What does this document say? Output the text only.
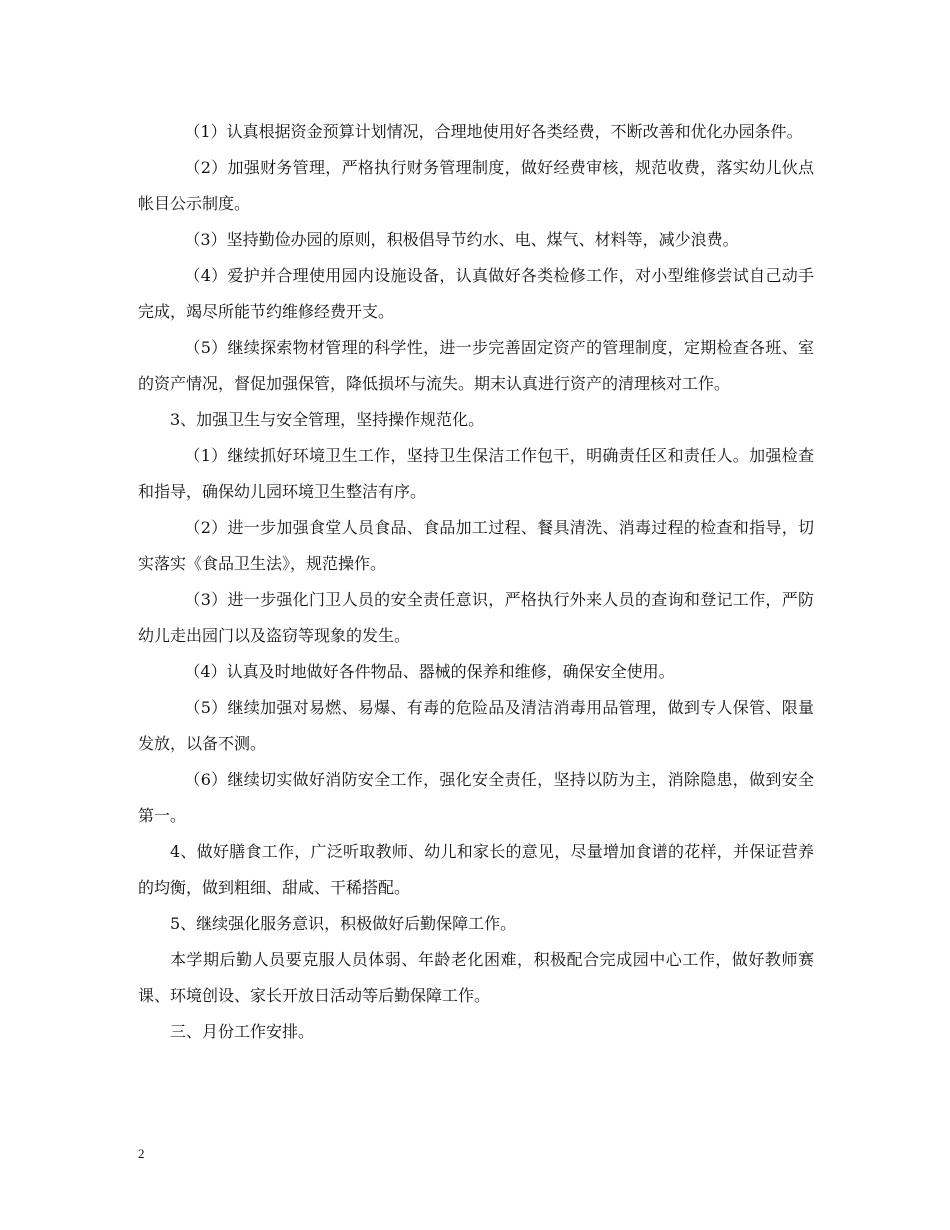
（1）认真根据资金预算计划情况，合理地使用好各类经费，不断改善和优化办园条件。

（2）加强财务管理，严格执行财务管理制度，做好经费审核，规范收费，落实幼儿伙点帐目公示制度。

（3）坚持勤俭办园的原则，积极倡导节约水、电、煤气、材料等，减少浪费。

（4）爱护并合理使用园内设施设备，认真做好各类检修工作，对小型维修尝试自己动手完成，竭尽所能节约维修经费开支。

（5）继续探索物材管理的科学性，进一步完善固定资产的管理制度，定期检查各班、室的资产情况，督促加强保管，降低损坏与流失。期末认真进行资产的清理核对工作。

3、加强卫生与安全管理，坚持操作规范化。

（1）继续抓好环境卫生工作，坚持卫生保洁工作包干，明确责任区和责任人。加强检查和指导，确保幼儿园环境卫生整洁有序。

（2）进一步加强食堂人员食品、食品加工过程、餐具清洗、消毒过程的检查和指导，切实落实《食品卫生法》，规范操作。

（3）进一步强化门卫人员的安全责任意识，严格执行外来人员的查询和登记工作，严防幼儿走出园门以及盗窃等现象的发生。

（4）认真及时地做好各件物品、器械的保养和维修，确保安全使用。

（5）继续加强对易燃、易爆、有毒的危险品及清洁消毒用品管理，做到专人保管、限量发放，以备不测。

（6）继续切实做好消防安全工作，强化安全责任，坚持以防为主，消除隐患，做到安全第一。

4、做好膳食工作，广泛听取教师、幼儿和家长的意见，尽量增加食谱的花样，并保证营养的均衡，做到粗细、甜咸、干稀搭配。

5、继续强化服务意识，积极做好后勤保障工作。

本学期后勤人员要克服人员体弱、年龄老化困难，积极配合完成园中心工作，做好教师赛课、环境创设、家长开放日活动等后勤保障工作。

三、月份工作安排。

2
